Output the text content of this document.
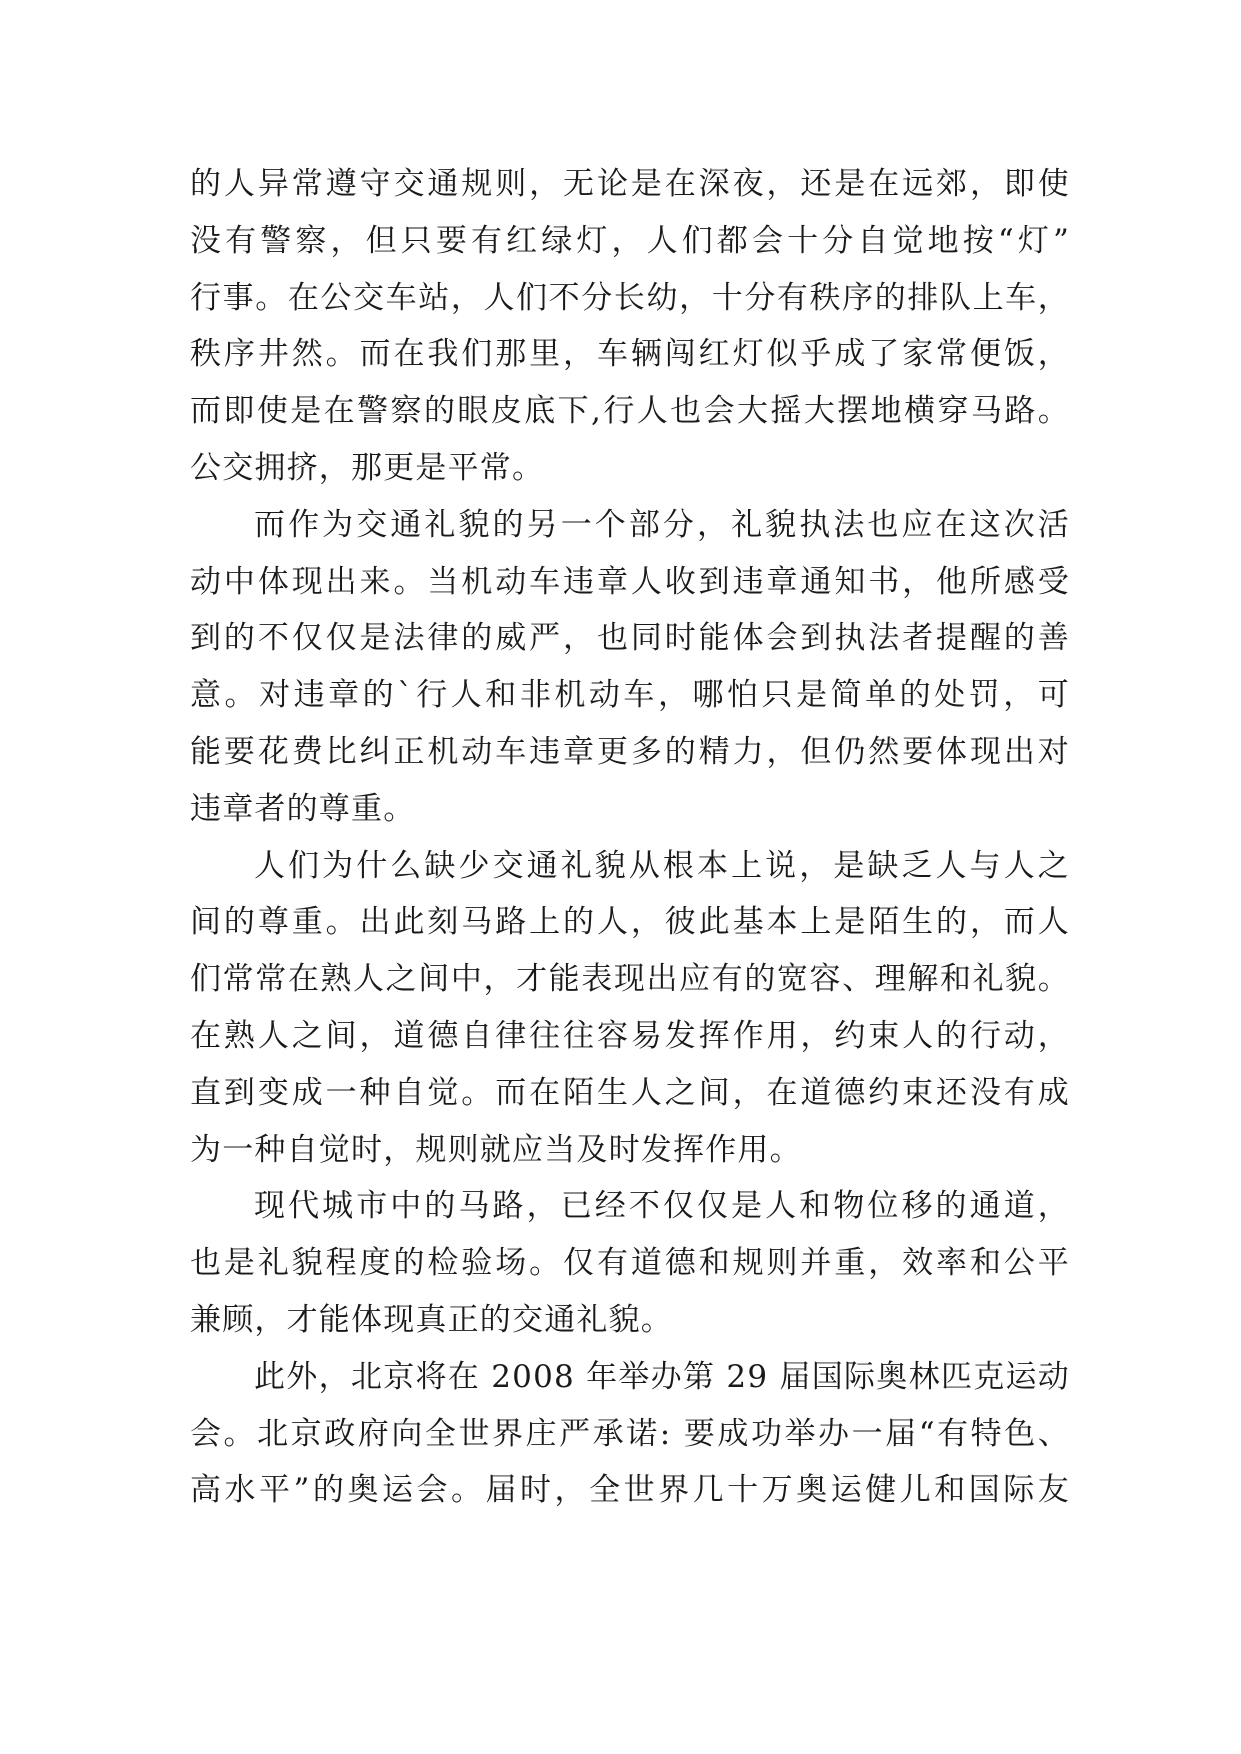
的人异常遵守交通规则，无论是在深夜，还是在远郊，即使
没有警察，但只要有红绿灯，人们都会十分自觉地按“灯”
行事。在公交车站，人们不分长幼，十分有秩序的排队上车，
秩序井然。而在我们那里，车辆闯红灯似乎成了家常便饭，
而即使是在警察的眼皮底下,行人也会大摇大摆地横穿马路。
公交拥挤，那更是平常。
而作为交通礼貌的另一个部分，礼貌执法也应在这次活
动中体现出来。当机动车违章人收到违章通知书，他所感受
到的不仅仅是法律的威严，也同时能体会到执法者提醒的善
意。对违章的`行人和非机动车，哪怕只是简单的处罚，可
能要花费比纠正机动车违章更多的精力，但仍然要体现出对
违章者的尊重。
人们为什么缺少交通礼貌从根本上说，是缺乏人与人之
间的尊重。出此刻马路上的人，彼此基本上是陌生的，而人
们常常在熟人之间中，才能表现出应有的宽容、理解和礼貌。
在熟人之间，道德自律往往容易发挥作用，约束人的行动，
直到变成一种自觉。而在陌生人之间，在道德约束还没有成
为一种自觉时，规则就应当及时发挥作用。
现代城市中的马路，已经不仅仅是人和物位移的通道，
也是礼貌程度的检验场。仅有道德和规则并重，效率和公平
兼顾，才能体现真正的交通礼貌。
此外，北京将在 2008 年举办第 29 届国际奥林匹克运动
会。北京政府向全世界庄严承诺: 要成功举办一届“有特色、
高水平”的奥运会。届时，全世界几十万奥运健儿和国际友
